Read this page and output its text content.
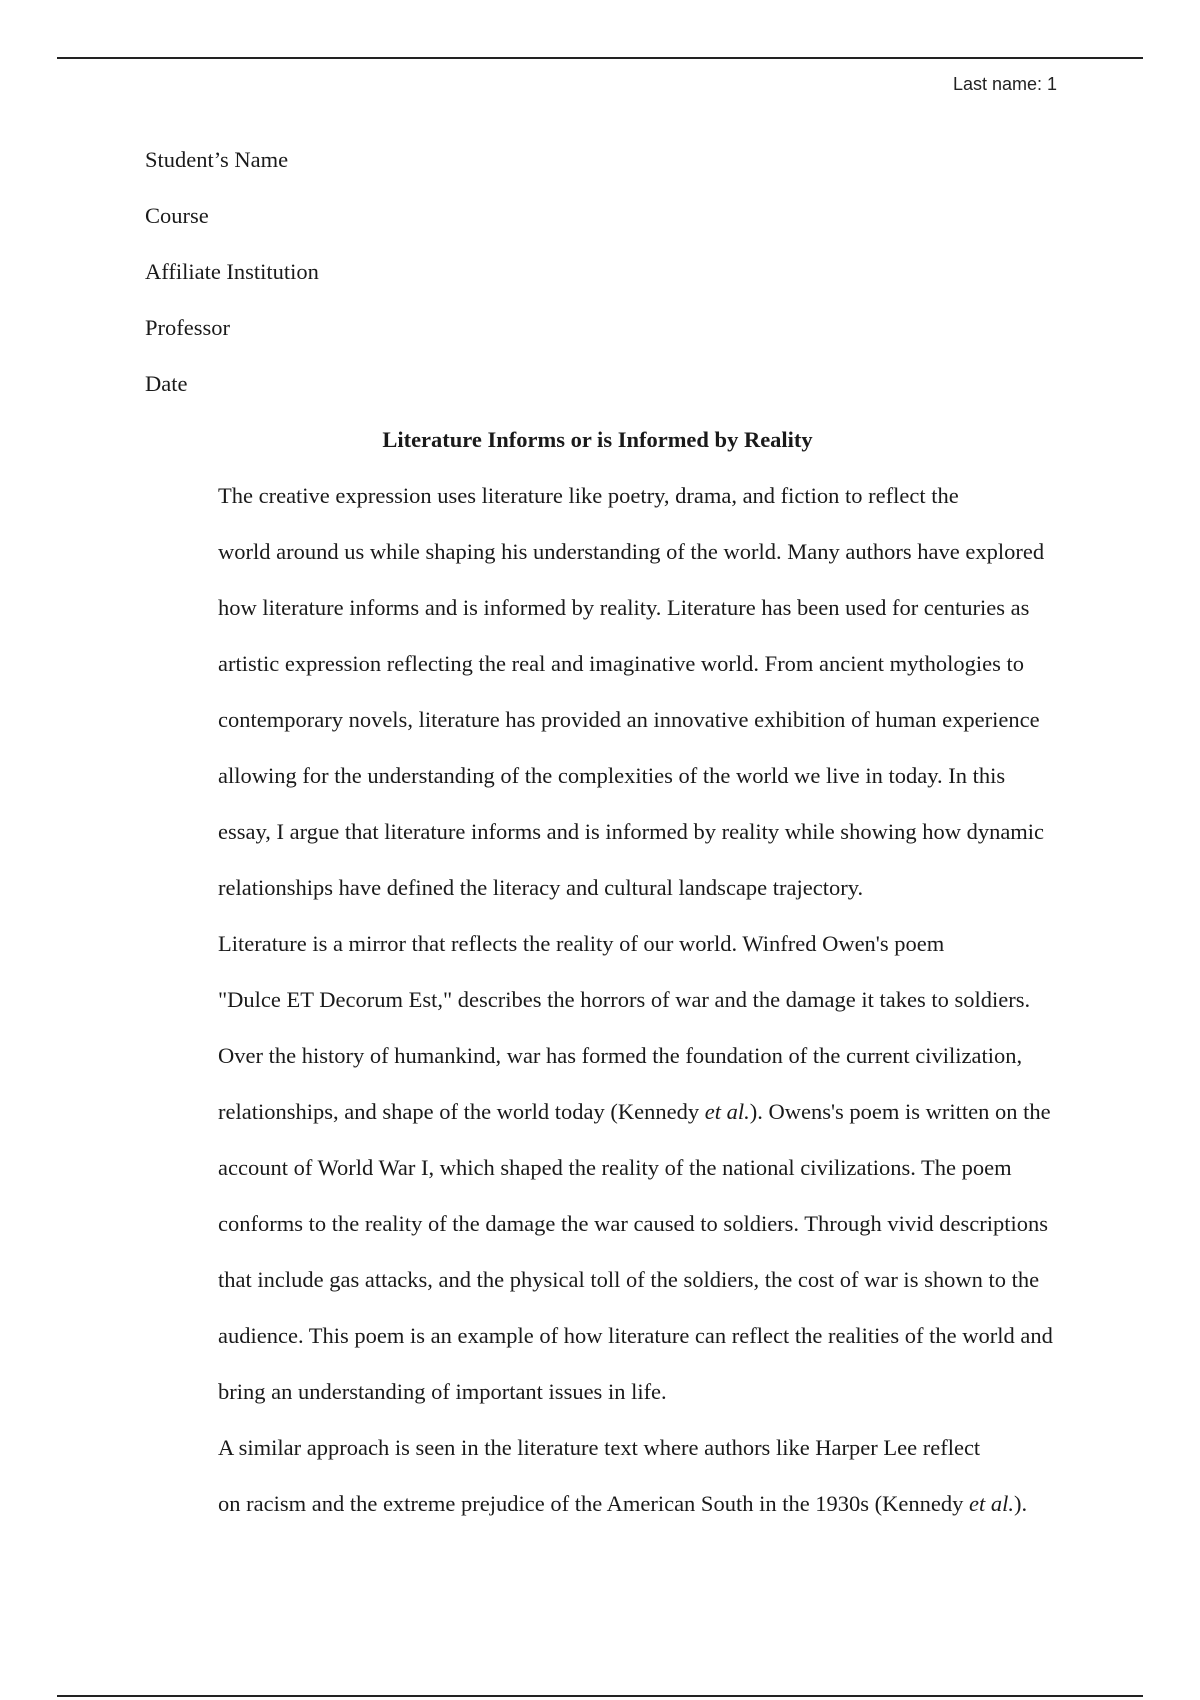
Last name: 1
Student’s Name
Course
Affiliate Institution
Professor
Date
Literature Informs or is Informed by Reality
The creative expression uses literature like poetry, drama, and fiction to reflect the
world around us while shaping his understanding of the world. Many authors have explored
how literature informs and is informed by reality. Literature has been used for centuries as
artistic expression reflecting the real and imaginative world. From ancient mythologies to
contemporary novels, literature has provided an innovative exhibition of human experience
allowing for the understanding of the complexities of the world we live in today. In this
essay, I argue that literature informs and is informed by reality while showing how dynamic
relationships have defined the literacy and cultural landscape trajectory.
Literature is a mirror that reflects the reality of our world. Winfred Owen's poem
"Dulce ET Decorum Est," describes the horrors of war and the damage it takes to soldiers.
Over the history of humankind, war has formed the foundation of the current civilization,
relationships, and shape of the world today (Kennedy et al.). Owens's poem is written on the
account of World War I, which shaped the reality of the national civilizations. The poem
conforms to the reality of the damage the war caused to soldiers. Through vivid descriptions
that include gas attacks, and the physical toll of the soldiers, the cost of war is shown to the
audience. This poem is an example of how literature can reflect the realities of the world and
bring an understanding of important issues in life.
A similar approach is seen in the literature text where authors like Harper Lee reflect
on racism and the extreme prejudice of the American South in the 1930s (Kennedy et al.).
